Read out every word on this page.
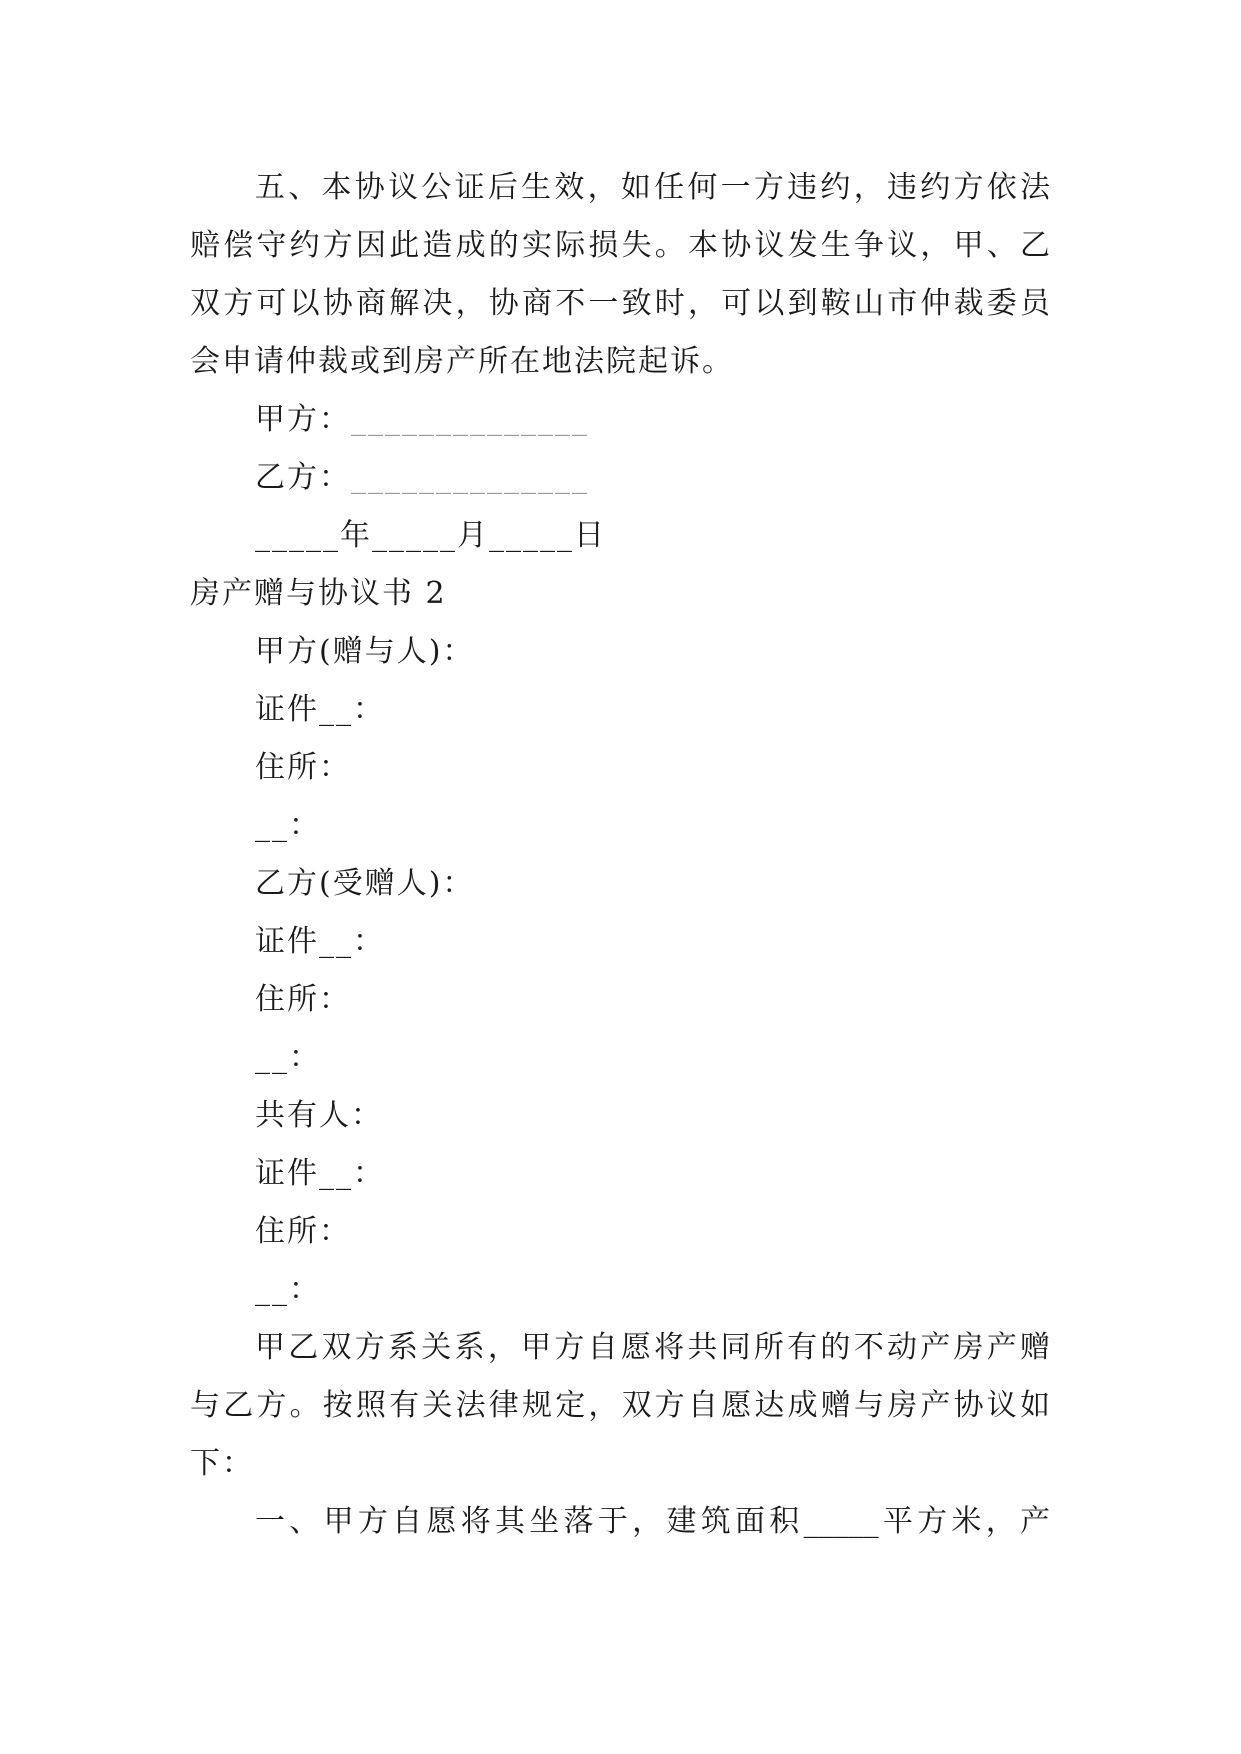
五、本协议公证后生效，如任何一方违约，违约方依法
赔偿守约方因此造成的实际损失。本协议发生争议，甲、乙
双方可以协商解决，协商不一致时，可以到鞍山市仲裁委员
会申请仲裁或到房产所在地法院起诉。
甲方：______________
乙方：______________
_____年_____月_____日
房产赠与协议书 2
甲方(赠与人)：
证件__：
住所：
__：
乙方(受赠人)：
证件__：
住所：
__：
共有人：
证件__：
住所：
__：
甲乙双方系关系，甲方自愿将共同所有的不动产房产赠
与乙方。按照有关法律规定，双方自愿达成赠与房产协议如
下：
一、甲方自愿将其坐落于，建筑面积_____平方米，产
